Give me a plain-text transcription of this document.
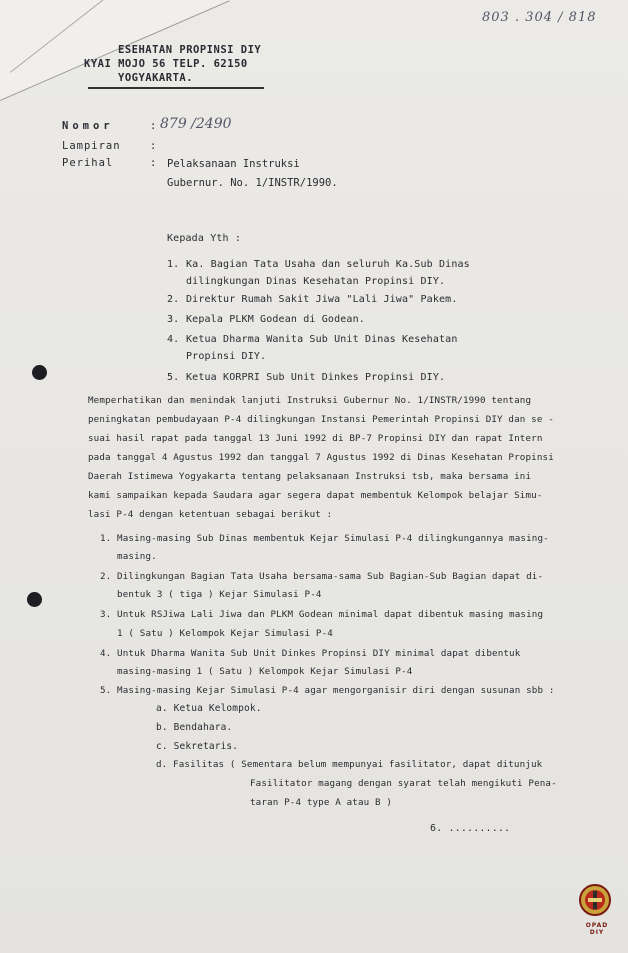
803 . 304 / 818
ESEHATAN PROPINSI DIY
KYAI MOJO 56 TELP. 62150
YOGYAKARTA.
Nomor	: 879 /2490
Lampiran	:
Perihal	: Pelaksanaan Instruksi
Gubernur. No. 1/INSTR/1990.
Kepada Yth :
1. Ka. Bagian Tata Usaha dan seluruh Ka.Sub Dinas
dilingkungan Dinas Kesehatan Propinsi DIY.
2. Direktur Rumah Sakit Jiwa "Lali Jiwa" Pakem.
3. Kepala PLKM Godean di Godean.
4. Ketua Dharma Wanita Sub Unit Dinas Kesehatan
Propinsi DIY.
5. Ketua KORPRI Sub Unit Dinkes Propinsi DIY.
Memperhatikan dan menindak lanjuti Instruksi Gubernur No. 1/INSTR/1990 tentang
peningkatan pembudayaan P-4 dilingkungan Instansi Pemerintah Propinsi DIY dan se -
suai hasil rapat pada tanggal 13 Juni 1992 di BP-7 Propinsi DIY dan rapat Intern
pada tanggal 4 Agustus 1992 dan tanggal 7 Agustus 1992 di Dinas Kesehatan Propinsi
Daerah Istimewa Yogyakarta tentang pelaksanaan Instruksi tsb, maka bersama ini
kami sampaikan kepada Saudara agar segera dapat membentuk Kelompok belajar Simu-
lasi P-4 dengan ketentuan sebagai berikut :
1. Masing-masing Sub Dinas membentuk Kejar Simulasi P-4 dilingkungannya masing-
masing.
2. Dilingkungan Bagian Tata Usaha bersama-sama Sub Bagian-Sub Bagian dapat di-
bentuk 3 ( tiga ) Kejar Simulasi P-4
3. Untuk RSJiwa Lali Jiwa dan PLKM Godean minimal dapat dibentuk masing masing
1 ( Satu ) Kelompok Kejar Simulasi P-4
4. Untuk Dharma Wanita Sub Unit Dinkes Propinsi DIY minimal dapat dibentuk
masing-masing 1 ( Satu ) Kelompok Kejar Simulasi P-4
5. Masing-masing Kejar Simulasi P-4 agar mengorganisir diri dengan susunan sbb :
a. Ketua Kelompok.
b. Bendahara.
c. Sekretaris.
d. Fasilitas ( Sementara belum mempunyai fasilitator, dapat ditunjuk
Fasilitator magang dengan syarat telah mengikuti Pena-
taran P-4 type A atau B )
6. ..........
OPAD DIY
